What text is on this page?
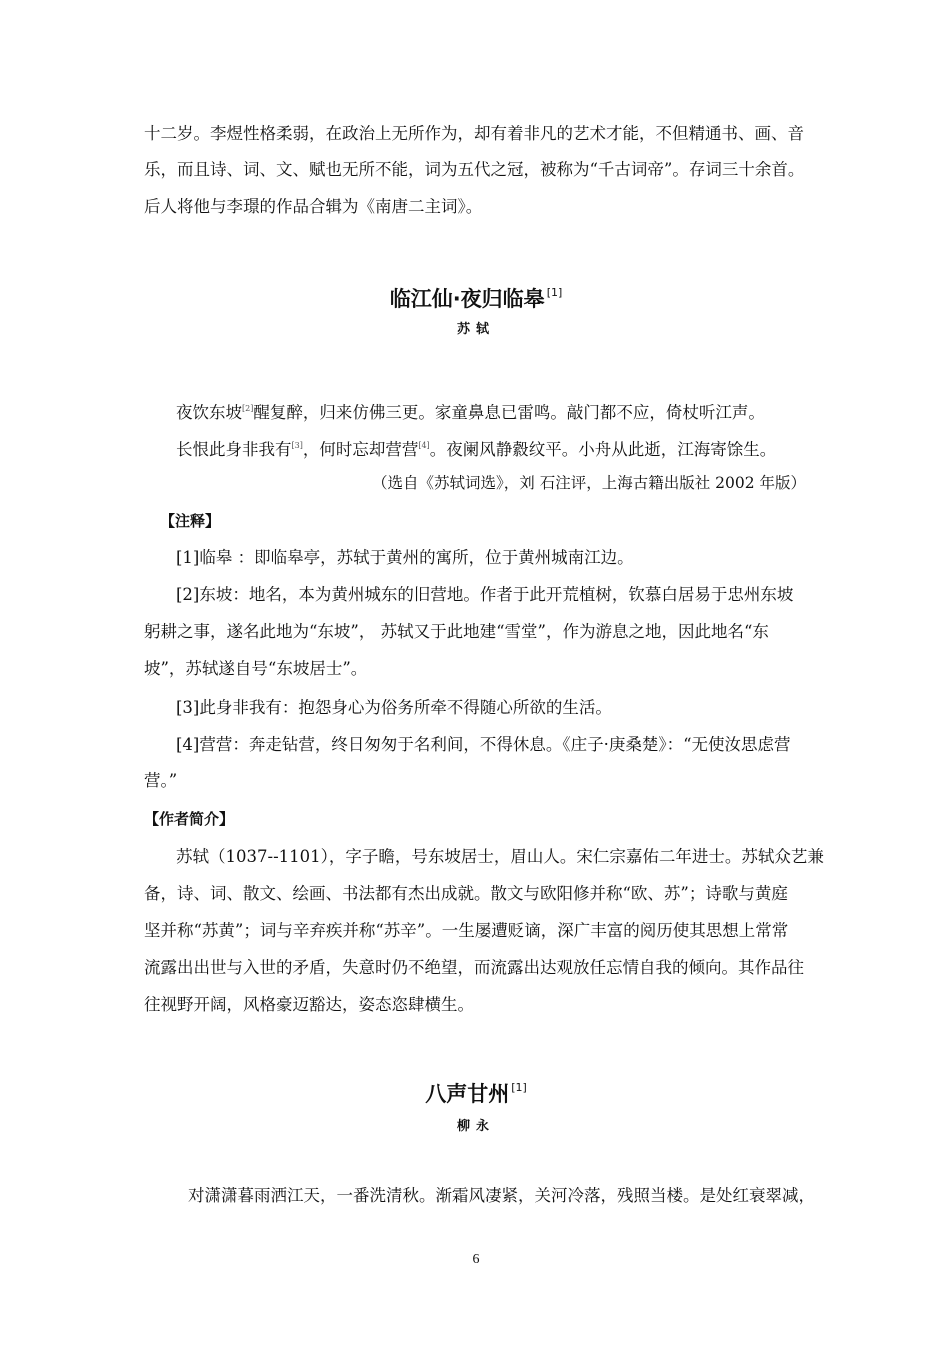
十二岁。李煜性格柔弱，在政治上无所作为，却有着非凡的艺术才能，不但精通书、画、音
乐，而且诗、词、文、赋也无所不能，词为五代之冠，被称为“千古词帝”。存词三十余首。
后人将他与李璟的作品合辑为《南唐二主词》。
临江仙·夜归临皋 [1]
苏轼
夜饮东坡[2]醒复醉，归来仿佛三更。家童鼻息已雷鸣。敲门都不应，倚杖听江声。
长恨此身非我有[3]，何时忘却营营[4]。夜阑风静縠纹平。小舟从此逝，江海寄馀生。
（选自《苏轼词选》，刘 石注评，上海古籍出版社 2002 年版）
【注释】
[1]临皋 ：即临皋亭，苏轼于黄州的寓所，位于黄州城南江边。
[2]东坡：地名，本为黄州城东的旧营地。作者于此开荒植树，钦慕白居易于忠州东坡
躬耕之事，遂名此地为“东坡”， 苏轼又于此地建“雪堂”，作为游息之地，因此地名“东
坡”，苏轼遂自号“东坡居士”。
[3]此身非我有：抱怨身心为俗务所牵不得随心所欲的生活。
[4]营营：奔走钻营，终日匆匆于名利间，不得休息。《庄子·庚桑楚》：“无使汝思虑营
营。”
【作者简介】
苏轼（1037--1101），字子瞻，号东坡居士，眉山人。宋仁宗嘉佑二年进士。苏轼众艺兼
备，诗、词、散文、绘画、书法都有杰出成就。散文与欧阳修并称“欧、苏”；诗歌与黄庭
坚并称“苏黄”；词与辛弃疾并称“苏辛”。一生屡遭贬谪，深广丰富的阅历使其思想上常常
流露出出世与入世的矛盾，失意时仍不绝望，而流露出达观放任忘情自我的倾向。其作品往
往视野开阔，风格豪迈豁达，姿态恣肆横生。
八声甘州 [1]
柳永
对潇潇暮雨洒江天，一番洗清秋。渐霜风凄紧，关河冷落，残照当楼。是处红衰翠减，
6
